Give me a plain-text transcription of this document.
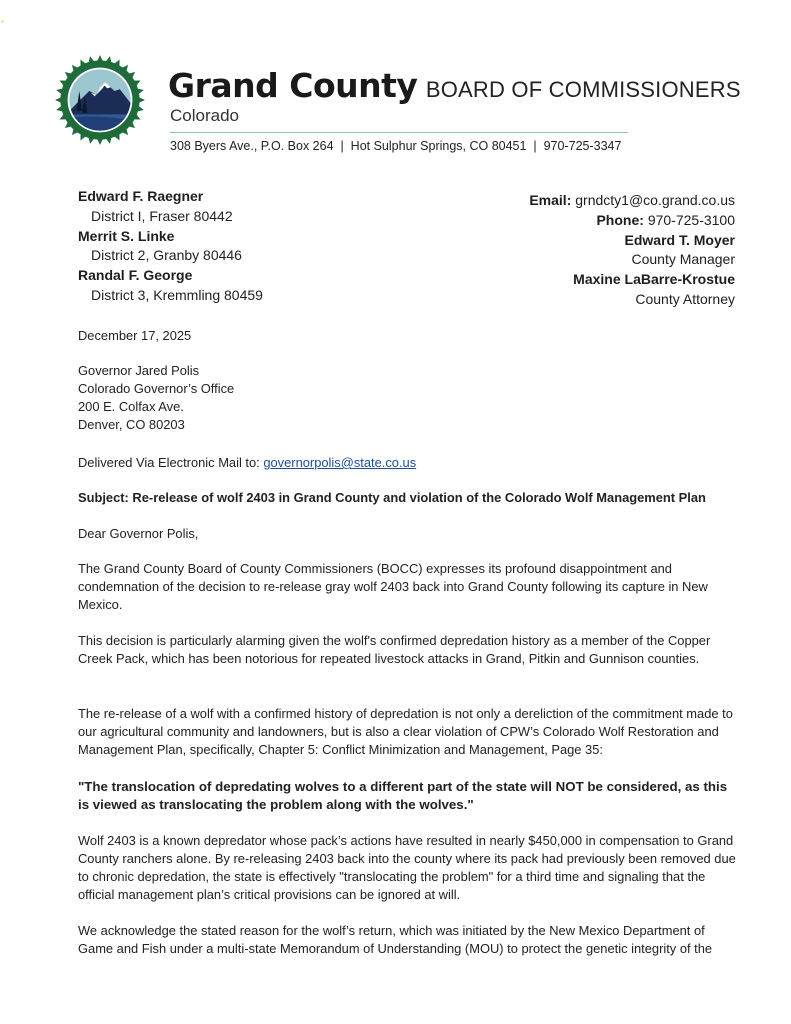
Grand County BOARD OF COMMISSIONERS
Colorado
308 Byers Ave., P.O. Box 264  |  Hot Sulphur Springs, CO 80451  |  970-725-3347
Edward F. Raegner
District I, Fraser 80442
Merrit S. Linke
District 2, Granby 80446
Randal F. George
District 3, Kremmling 80459
Email: grndcty1@co.grand.co.us
Phone: 970-725-3100
Edward T. Moyer
County Manager
Maxine LaBarre-Krostue
County Attorney
December 17, 2025
Governor Jared Polis
Colorado Governor’s Office
200 E. Colfax Ave.
Denver, CO 80203
Delivered Via Electronic Mail to: governorpolis@state.co.us
Subject: Re-release of wolf 2403 in Grand County and violation of the Colorado Wolf Management Plan
Dear Governor Polis,
The Grand County Board of County Commissioners (BOCC) expresses its profound disappointment and condemnation of the decision to re-release gray wolf 2403 back into Grand County following its capture in New Mexico.
This decision is particularly alarming given the wolf's confirmed depredation history as a member of the Copper Creek Pack, which has been notorious for repeated livestock attacks in Grand, Pitkin and Gunnison counties.
The re-release of a wolf with a confirmed history of depredation is not only a dereliction of the commitment made to our agricultural community and landowners, but is also a clear violation of CPW’s Colorado Wolf Restoration and Management Plan, specifically, Chapter 5: Conflict Minimization and Management, Page 35:
"The translocation of depredating wolves to a different part of the state will NOT be considered, as this is viewed as translocating the problem along with the wolves."
Wolf 2403 is a known depredator whose pack’s actions have resulted in nearly $450,000 in compensation to Grand County ranchers alone. By re-releasing 2403 back into the county where its pack had previously been removed due to chronic depredation, the state is effectively "translocating the problem" for a third time and signaling that the official management plan’s critical provisions can be ignored at will.
We acknowledge the stated reason for the wolf’s return, which was initiated by the New Mexico Department of Game and Fish under a multi-state Memorandum of Understanding (MOU) to protect the genetic integrity of the
